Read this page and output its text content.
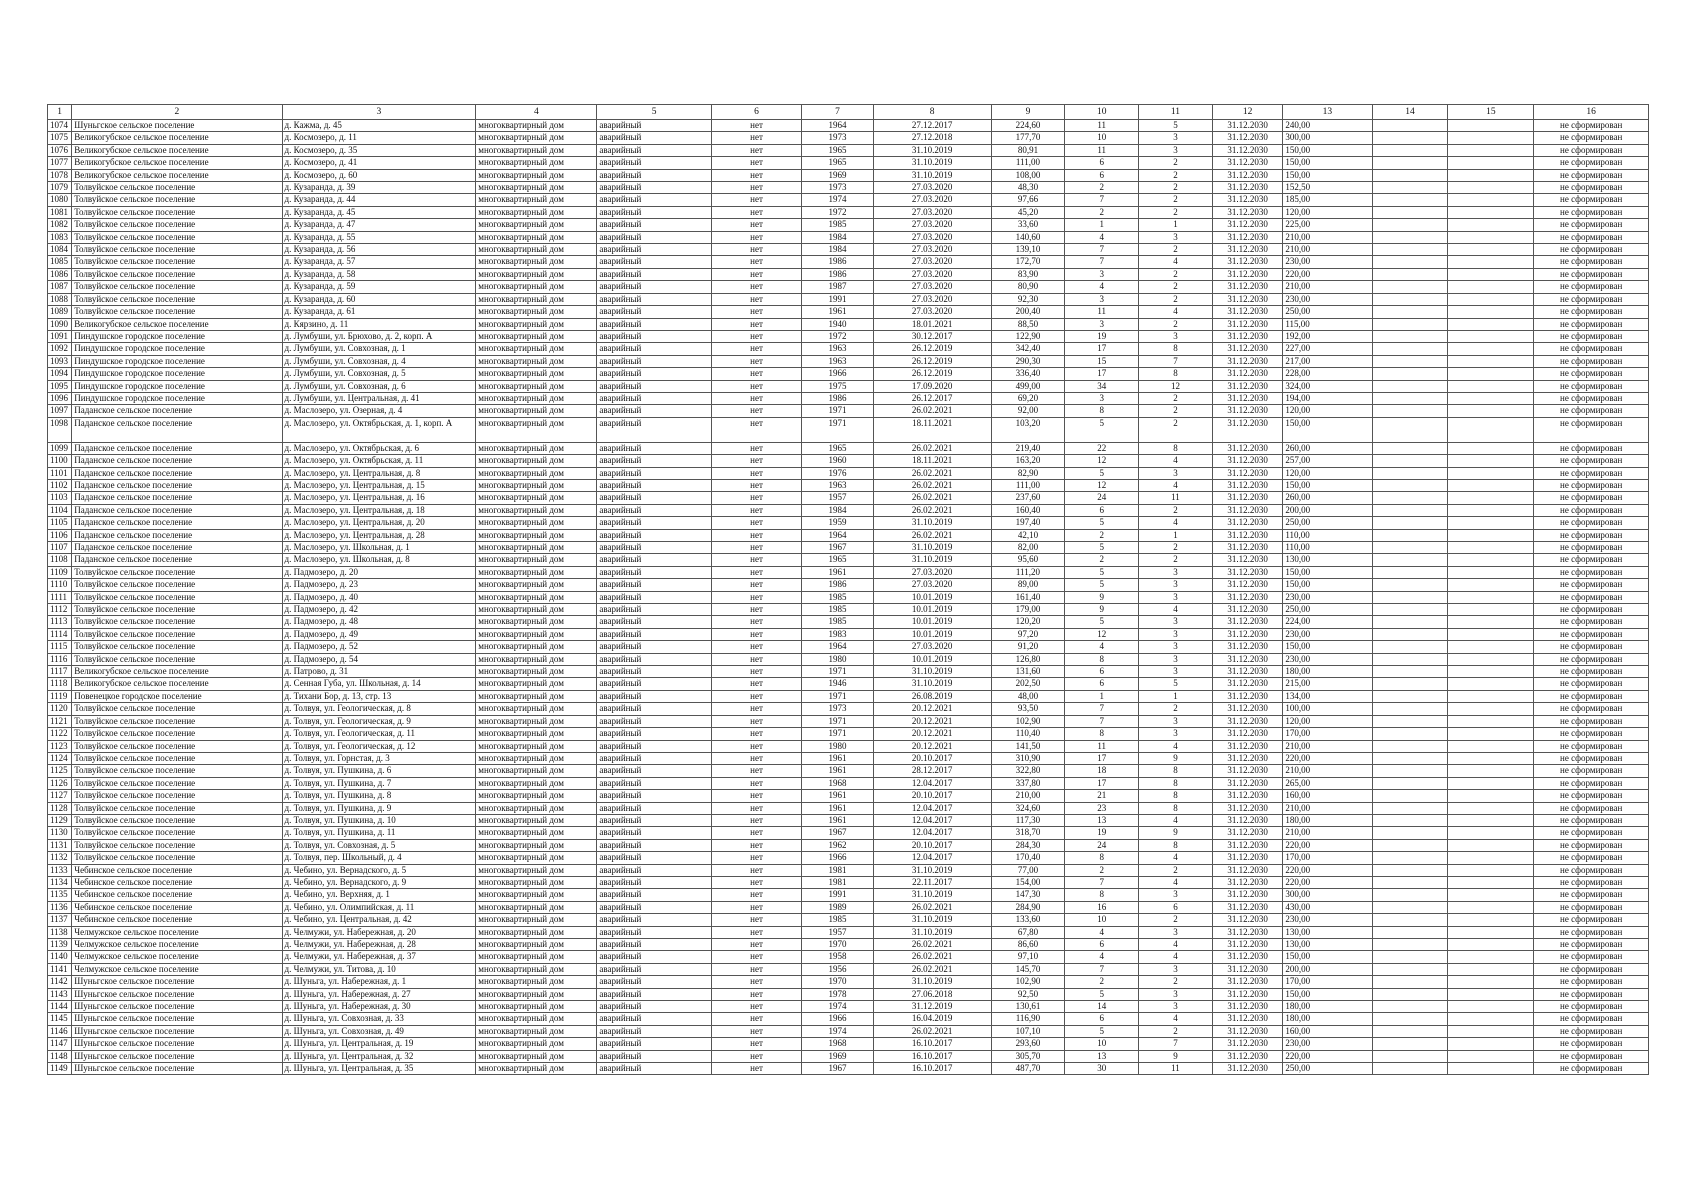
1	2	3	4	5	6	7	8	9	10	11	12	13	14	15	16
1074	Шуньгское сельское поселение	д. Кажма, д. 45	многоквартирный дом	аварийный	нет	1964	27.12.2017	224,60	11	5	31.12.2030	240,00			не сформирован
1075	Великогубское сельское поселение	д. Космозеро, д. 11	многоквартирный дом	аварийный	нет	1973	27.12.2018	177,70	10	3	31.12.2030	300,00			не сформирован
1076	Великогубское сельское поселение	д. Космозеро, д. 35	многоквартирный дом	аварийный	нет	1965	31.10.2019	80,91	11	3	31.12.2030	150,00			не сформирован
1077	Великогубское сельское поселение	д. Космозеро, д. 41	многоквартирный дом	аварийный	нет	1965	31.10.2019	111,00	6	2	31.12.2030	150,00			не сформирован
1078	Великогубское сельское поселение	д. Космозеро, д. 60	многоквартирный дом	аварийный	нет	1969	31.10.2019	108,00	6	2	31.12.2030	150,00			не сформирован
1079	Толвуйское сельское поселение	д. Кузаранда, д. 39	многоквартирный дом	аварийный	нет	1973	27.03.2020	48,30	2	2	31.12.2030	152,50			не сформирован
1080	Толвуйское сельское поселение	д. Кузаранда, д. 44	многоквартирный дом	аварийный	нет	1974	27.03.2020	97,66	7	2	31.12.2030	185,00			не сформирован
1081	Толвуйское сельское поселение	д. Кузаранда, д. 45	многоквартирный дом	аварийный	нет	1972	27.03.2020	45,20	2	2	31.12.2030	120,00			не сформирован
1082	Толвуйское сельское поселение	д. Кузаранда, д. 47	многоквартирный дом	аварийный	нет	1985	27.03.2020	33,60	1	1	31.12.2030	225,00			не сформирован
1083	Толвуйское сельское поселение	д. Кузаранда, д. 55	многоквартирный дом	аварийный	нет	1984	27.03.2020	140,60	4	3	31.12.2030	210,00			не сформирован
1084	Толвуйское сельское поселение	д. Кузаранда, д. 56	многоквартирный дом	аварийный	нет	1984	27.03.2020	139,10	7	2	31.12.2030	210,00			не сформирован
1085	Толвуйское сельское поселение	д. Кузаранда, д. 57	многоквартирный дом	аварийный	нет	1986	27.03.2020	172,70	7	4	31.12.2030	230,00			не сформирован
1086	Толвуйское сельское поселение	д. Кузаранда, д. 58	многоквартирный дом	аварийный	нет	1986	27.03.2020	83,90	3	2	31.12.2030	220,00			не сформирован
1087	Толвуйское сельское поселение	д. Кузаранда, д. 59	многоквартирный дом	аварийный	нет	1987	27.03.2020	80,90	4	2	31.12.2030	210,00			не сформирован
1088	Толвуйское сельское поселение	д. Кузаранда, д. 60	многоквартирный дом	аварийный	нет	1991	27.03.2020	92,30	3	2	31.12.2030	230,00			не сформирован
1089	Толвуйское сельское поселение	д. Кузаранда, д. 61	многоквартирный дом	аварийный	нет	1961	27.03.2020	200,40	11	4	31.12.2030	250,00			не сформирован
1090	Великогубское сельское поселение	д. Кярзино, д. 11	многоквартирный дом	аварийный	нет	1940	18.01.2021	88,50	3	2	31.12.2030	115,00			не сформирован
1091	Пиндушское городское поселение	д. Лумбуши, ул. Брюхово, д. 2, корп. А	многоквартирный дом	аварийный	нет	1972	30.12.2017	122,90	19	3	31.12.2030	192,00			не сформирован
1092	Пиндушское городское поселение	д. Лумбуши, ул. Совхозная, д. 1	многоквартирный дом	аварийный	нет	1963	26.12.2019	342,40	17	8	31.12.2030	227,00			не сформирован
1093	Пиндушское городское поселение	д. Лумбуши, ул. Совхозная, д. 4	многоквартирный дом	аварийный	нет	1963	26.12.2019	290,30	15	7	31.12.2030	217,00			не сформирован
1094	Пиндушское городское поселение	д. Лумбуши, ул. Совхозная, д. 5	многоквартирный дом	аварийный	нет	1966	26.12.2019	336,40	17	8	31.12.2030	228,00			не сформирован
1095	Пиндушское городское поселение	д. Лумбуши, ул. Совхозная, д. 6	многоквартирный дом	аварийный	нет	1975	17.09.2020	499,00	34	12	31.12.2030	324,00			не сформирован
1096	Пиндушское городское поселение	д. Лумбуши, ул. Центральная, д. 41	многоквартирный дом	аварийный	нет	1986	26.12.2017	69,20	3	2	31.12.2030	194,00			не сформирован
1097	Паданское сельское поселение	д. Маслозеро, ул. Озерная, д. 4	многоквартирный дом	аварийный	нет	1971	26.02.2021	92,00	8	2	31.12.2030	120,00			не сформирован
1098	Паданское сельское поселение	д. Маслозеро, ул. Октябрьская, д. 1, корп. А	многоквартирный дом	аварийный	нет	1971	18.11.2021	103,20	5	2	31.12.2030	150,00			не сформирован
1099	Паданское сельское поселение	д. Маслозеро, ул. Октябрьская, д. 6	многоквартирный дом	аварийный	нет	1965	26.02.2021	219,40	22	8	31.12.2030	260,00			не сформирован
1100	Паданское сельское поселение	д. Маслозеро, ул. Октябрьская, д. 11	многоквартирный дом	аварийный	нет	1960	18.11.2021	163,20	12	4	31.12.2030	257,00			не сформирован
1101	Паданское сельское поселение	д. Маслозеро, ул. Центральная, д. 8	многоквартирный дом	аварийный	нет	1976	26.02.2021	82,90	5	3	31.12.2030	120,00			не сформирован
1102	Паданское сельское поселение	д. Маслозеро, ул. Центральная, д. 15	многоквартирный дом	аварийный	нет	1963	26.02.2021	111,00	12	4	31.12.2030	150,00			не сформирован
1103	Паданское сельское поселение	д. Маслозеро, ул. Центральная, д. 16	многоквартирный дом	аварийный	нет	1957	26.02.2021	237,60	24	11	31.12.2030	260,00			не сформирован
1104	Паданское сельское поселение	д. Маслозеро, ул. Центральная, д. 18	многоквартирный дом	аварийный	нет	1984	26.02.2021	160,40	6	2	31.12.2030	200,00			не сформирован
1105	Паданское сельское поселение	д. Маслозеро, ул. Центральная, д. 20	многоквартирный дом	аварийный	нет	1959	31.10.2019	197,40	5	4	31.12.2030	250,00			не сформирован
1106	Паданское сельское поселение	д. Маслозеро, ул. Центральная, д. 28	многоквартирный дом	аварийный	нет	1964	26.02.2021	42,10	2	1	31.12.2030	110,00			не сформирован
1107	Паданское сельское поселение	д. Маслозеро, ул. Школьная, д. 1	многоквартирный дом	аварийный	нет	1967	31.10.2019	82,00	5	2	31.12.2030	110,00			не сформирован
1108	Паданское сельское поселение	д. Маслозеро, ул. Школьная, д. 8	многоквартирный дом	аварийный	нет	1965	31.10.2019	95,60	2	2	31.12.2030	130,00			не сформирован
1109	Толвуйское сельское поселение	д. Падмозеро, д. 20	многоквартирный дом	аварийный	нет	1961	27.03.2020	111,20	5	3	31.12.2030	150,00			не сформирован
1110	Толвуйское сельское поселение	д. Падмозеро, д. 23	многоквартирный дом	аварийный	нет	1986	27.03.2020	89,00	5	3	31.12.2030	150,00			не сформирован
1111	Толвуйское сельское поселение	д. Падмозеро, д. 40	многоквартирный дом	аварийный	нет	1985	10.01.2019	161,40	9	3	31.12.2030	230,00			не сформирован
1112	Толвуйское сельское поселение	д. Падмозеро, д. 42	многоквартирный дом	аварийный	нет	1985	10.01.2019	179,00	9	4	31.12.2030	250,00			не сформирован
1113	Толвуйское сельское поселение	д. Падмозеро, д. 48	многоквартирный дом	аварийный	нет	1985	10.01.2019	120,20	5	3	31.12.2030	224,00			не сформирован
1114	Толвуйское сельское поселение	д. Падмозеро, д. 49	многоквартирный дом	аварийный	нет	1983	10.01.2019	97,20	12	3	31.12.2030	230,00			не сформирован
1115	Толвуйское сельское поселение	д. Падмозеро, д. 52	многоквартирный дом	аварийный	нет	1964	27.03.2020	91,20	4	3	31.12.2030	150,00			не сформирован
1116	Толвуйское сельское поселение	д. Падмозеро, д. 54	многоквартирный дом	аварийный	нет	1980	10.01.2019	126,80	8	3	31.12.2030	230,00			не сформирован
1117	Великогубское сельское поселение	д. Патрово, д. 31	многоквартирный дом	аварийный	нет	1971	31.10.2019	131,60	6	3	31.12.2030	180,00			не сформирован
1118	Великогубское сельское поселение	д. Сенная Губа, ул. Школьная, д. 14	многоквартирный дом	аварийный	нет	1946	31.10.2019	202,50	6	5	31.12.2030	215,00			не сформирован
1119	Повенецкое городское поселение	д. Тихани Бор, д. 13, стр. 13	многоквартирный дом	аварийный	нет	1971	26.08.2019	48,00	1	1	31.12.2030	134,00			не сформирован
1120	Толвуйское сельское поселение	д. Толвуя, ул. Геологическая, д. 8	многоквартирный дом	аварийный	нет	1973	20.12.2021	93,50	7	2	31.12.2030	100,00			не сформирован
1121	Толвуйское сельское поселение	д. Толвуя, ул. Геологическая, д. 9	многоквартирный дом	аварийный	нет	1971	20.12.2021	102,90	7	3	31.12.2030	120,00			не сформирован
1122	Толвуйское сельское поселение	д. Толвуя, ул. Геологическая, д. 11	многоквартирный дом	аварийный	нет	1971	20.12.2021	110,40	8	3	31.12.2030	170,00			не сформирован
1123	Толвуйское сельское поселение	д. Толвуя, ул. Геологическая, д. 12	многоквартирный дом	аварийный	нет	1980	20.12.2021	141,50	11	4	31.12.2030	210,00			не сформирован
1124	Толвуйское сельское поселение	д. Толвуя, ул. Горнстая, д. 3	многоквартирный дом	аварийный	нет	1961	20.10.2017	310,90	17	9	31.12.2030	220,00			не сформирован
1125	Толвуйское сельское поселение	д. Толвуя, ул. Пушкина, д. 6	многоквартирный дом	аварийный	нет	1961	28.12.2017	322,80	18	8	31.12.2030	210,00			не сформирован
1126	Толвуйское сельское поселение	д. Толвуя, ул. Пушкина, д. 7	многоквартирный дом	аварийный	нет	1968	12.04.2017	337,80	17	8	31.12.2030	265,00			не сформирован
1127	Толвуйское сельское поселение	д. Толвуя, ул. Пушкина, д. 8	многоквартирный дом	аварийный	нет	1961	20.10.2017	210,00	21	8	31.12.2030	160,00			не сформирован
1128	Толвуйское сельское поселение	д. Толвуя, ул. Пушкина, д. 9	многоквартирный дом	аварийный	нет	1961	12.04.2017	324,60	23	8	31.12.2030	210,00			не сформирован
1129	Толвуйское сельское поселение	д. Толвуя, ул. Пушкина, д. 10	многоквартирный дом	аварийный	нет	1961	12.04.2017	117,30	13	4	31.12.2030	180,00			не сформирован
1130	Толвуйское сельское поселение	д. Толвуя, ул. Пушкина, д. 11	многоквартирный дом	аварийный	нет	1967	12.04.2017	318,70	19	9	31.12.2030	210,00			не сформирован
1131	Толвуйское сельское поселение	д. Толвуя, ул. Совхозная, д. 5	многоквартирный дом	аварийный	нет	1962	20.10.2017	284,30	24	8	31.12.2030	220,00			не сформирован
1132	Толвуйское сельское поселение	д. Толвуя, пер. Школьный, д. 4	многоквартирный дом	аварийный	нет	1966	12.04.2017	170,40	8	4	31.12.2030	170,00			не сформирован
1133	Чебинское сельское поселение	д. Чебино, ул. Вернадского, д. 5	многоквартирный дом	аварийный	нет	1981	31.10.2019	77,00	2	2	31.12.2030	220,00			не сформирован
1134	Чебинское сельское поселение	д. Чебино, ул. Вернадского, д. 9	многоквартирный дом	аварийный	нет	1981	22.11.2017	154,00	7	4	31.12.2030	220,00			не сформирован
1135	Чебинское сельское поселение	д. Чебино, ул. Верхняя, д. 1	многоквартирный дом	аварийный	нет	1991	31.10.2019	147,30	8	3	31.12.2030	300,00			не сформирован
1136	Чебинское сельское поселение	д. Чебино, ул. Олимпийская, д. 11	многоквартирный дом	аварийный	нет	1989	26.02.2021	284,90	16	6	31.12.2030	430,00			не сформирован
1137	Чебинское сельское поселение	д. Чебино, ул. Центральная, д. 42	многоквартирный дом	аварийный	нет	1985	31.10.2019	133,60	10	2	31.12.2030	230,00			не сформирован
1138	Челмужское сельское поселение	д. Челмужи, ул. Набережная, д. 20	многоквартирный дом	аварийный	нет	1957	31.10.2019	67,80	4	3	31.12.2030	130,00			не сформирован
1139	Челмужское сельское поселение	д. Челмужи, ул. Набережная, д. 28	многоквартирный дом	аварийный	нет	1970	26.02.2021	86,60	6	4	31.12.2030	130,00			не сформирован
1140	Челмужское сельское поселение	д. Челмужи, ул. Набережная, д. 37	многоквартирный дом	аварийный	нет	1958	26.02.2021	97,10	4	4	31.12.2030	150,00			не сформирован
1141	Челмужское сельское поселение	д. Челмужи, ул. Титова, д. 10	многоквартирный дом	аварийный	нет	1956	26.02.2021	145,70	7	3	31.12.2030	200,00			не сформирован
1142	Шуньгское сельское поселение	д. Шуньга, ул. Набережная, д. 1	многоквартирный дом	аварийный	нет	1970	31.10.2019	102,90	2	2	31.12.2030	170,00			не сформирован
1143	Шуньгское сельское поселение	д. Шуньга, ул. Набережная, д. 27	многоквартирный дом	аварийный	нет	1978	27.06.2018	92,50	5	3	31.12.2030	150,00			не сформирован
1144	Шуньгское сельское поселение	д. Шуньга, ул. Набережная, д. 30	многоквартирный дом	аварийный	нет	1974	31.12.2019	130,61	14	3	31.12.2030	180,00			не сформирован
1145	Шуньгское сельское поселение	д. Шуньга, ул. Совхозная, д. 33	многоквартирный дом	аварийный	нет	1966	16.04.2019	116,90	6	4	31.12.2030	180,00			не сформирован
1146	Шуньгское сельское поселение	д. Шуньга, ул. Совхозная, д. 49	многоквартирный дом	аварийный	нет	1974	26.02.2021	107,10	5	2	31.12.2030	160,00			не сформирован
1147	Шуньгское сельское поселение	д. Шуньга, ул. Центральная, д. 19	многоквартирный дом	аварийный	нет	1968	16.10.2017	293,60	10	7	31.12.2030	230,00			не сформирован
1148	Шуньгское сельское поселение	д. Шуньга, ул. Центральная, д. 32	многоквартирный дом	аварийный	нет	1969	16.10.2017	305,70	13	9	31.12.2030	220,00			не сформирован
1149	Шуньгское сельское поселение	д. Шуньга, ул. Центральная, д. 35	многоквартирный дом	аварийный	нет	1967	16.10.2017	487,70	30	11	31.12.2030	250,00			не сформирован
